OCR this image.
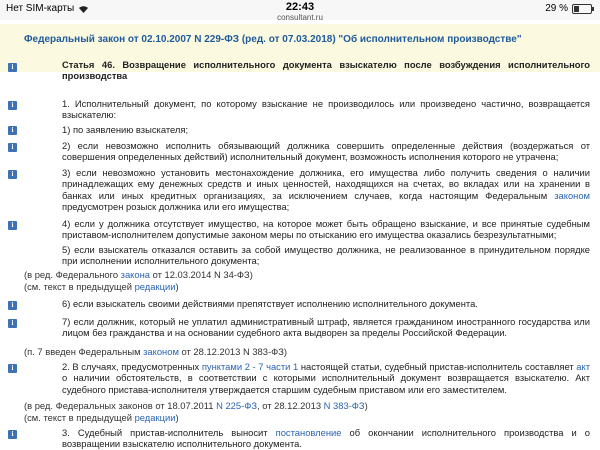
Нет SIM-карты	22:43
consultant.ru
29 %
Федеральный закон от 02.10.2007 N 229-ФЗ (ред. от 07.03.2018) "Об исполнительном производстве"
i	Статья 46. Возвращение исполнительного документа взыскателю после возбуждения исполнительного производства
i	1. Исполнительный документ, по которому взыскание не производилось или произведено частично, возвращается взыскателю:
i	1) по заявлению взыскателя;
i	2) если невозможно исполнить обязывающий должника совершить определенные действия (воздержаться от совершения определенных действий) исполнительный документ, возможность исполнения которого не утрачена;
i	3) если невозможно установить местонахождение должника, его имущества либо получить сведения о наличии принадлежащих ему денежных средств и иных ценностей, находящихся на счетах, во вкладах или на хранении в банках или иных кредитных организациях, за исключением случаев, когда настоящим Федеральным законом предусмотрен розыск должника или его имущества;
i	4) если у должника отсутствует имущество, на которое может быть обращено взыскание, и все принятые судебным приставом-исполнителем допустимые законом меры по отысканию его имущества оказались безрезультатными;
5) если взыскатель отказался оставить за собой имущество должника, не реализованное в принудительном порядке при исполнении исполнительного документа;
(в ред. Федерального закона от 12.03.2014 N 34-ФЗ)
(см. текст в предыдущей редакции)
i	6) если взыскатель своими действиями препятствует исполнению исполнительного документа.
i	7) если должник, который не уплатил административный штраф, является гражданином иностранного государства или лицом без гражданства и на основании судебного акта выдворен за пределы Российской Федерации.
(п. 7 введен Федеральным законом от 28.12.2013 N 383-ФЗ)
i	2. В случаях, предусмотренных пунктами 2 - 7 части 1 настоящей статьи, судебный пристав-исполнитель составляет акт о наличии обстоятельств, в соответствии с которыми исполнительный документ возвращается взыскателю. Акт судебного пристава-исполнителя утверждается старшим судебным приставом или его заместителем.
(в ред. Федеральных законов от 18.07.2011 N 225-ФЗ, от 28.12.2013 N 383-ФЗ)
(см. текст в предыдущей редакции)
i	3. Судебный пристав-исполнитель выносит постановление об окончании исполнительного производства и о возвращении взыскателю исполнительного документа.
